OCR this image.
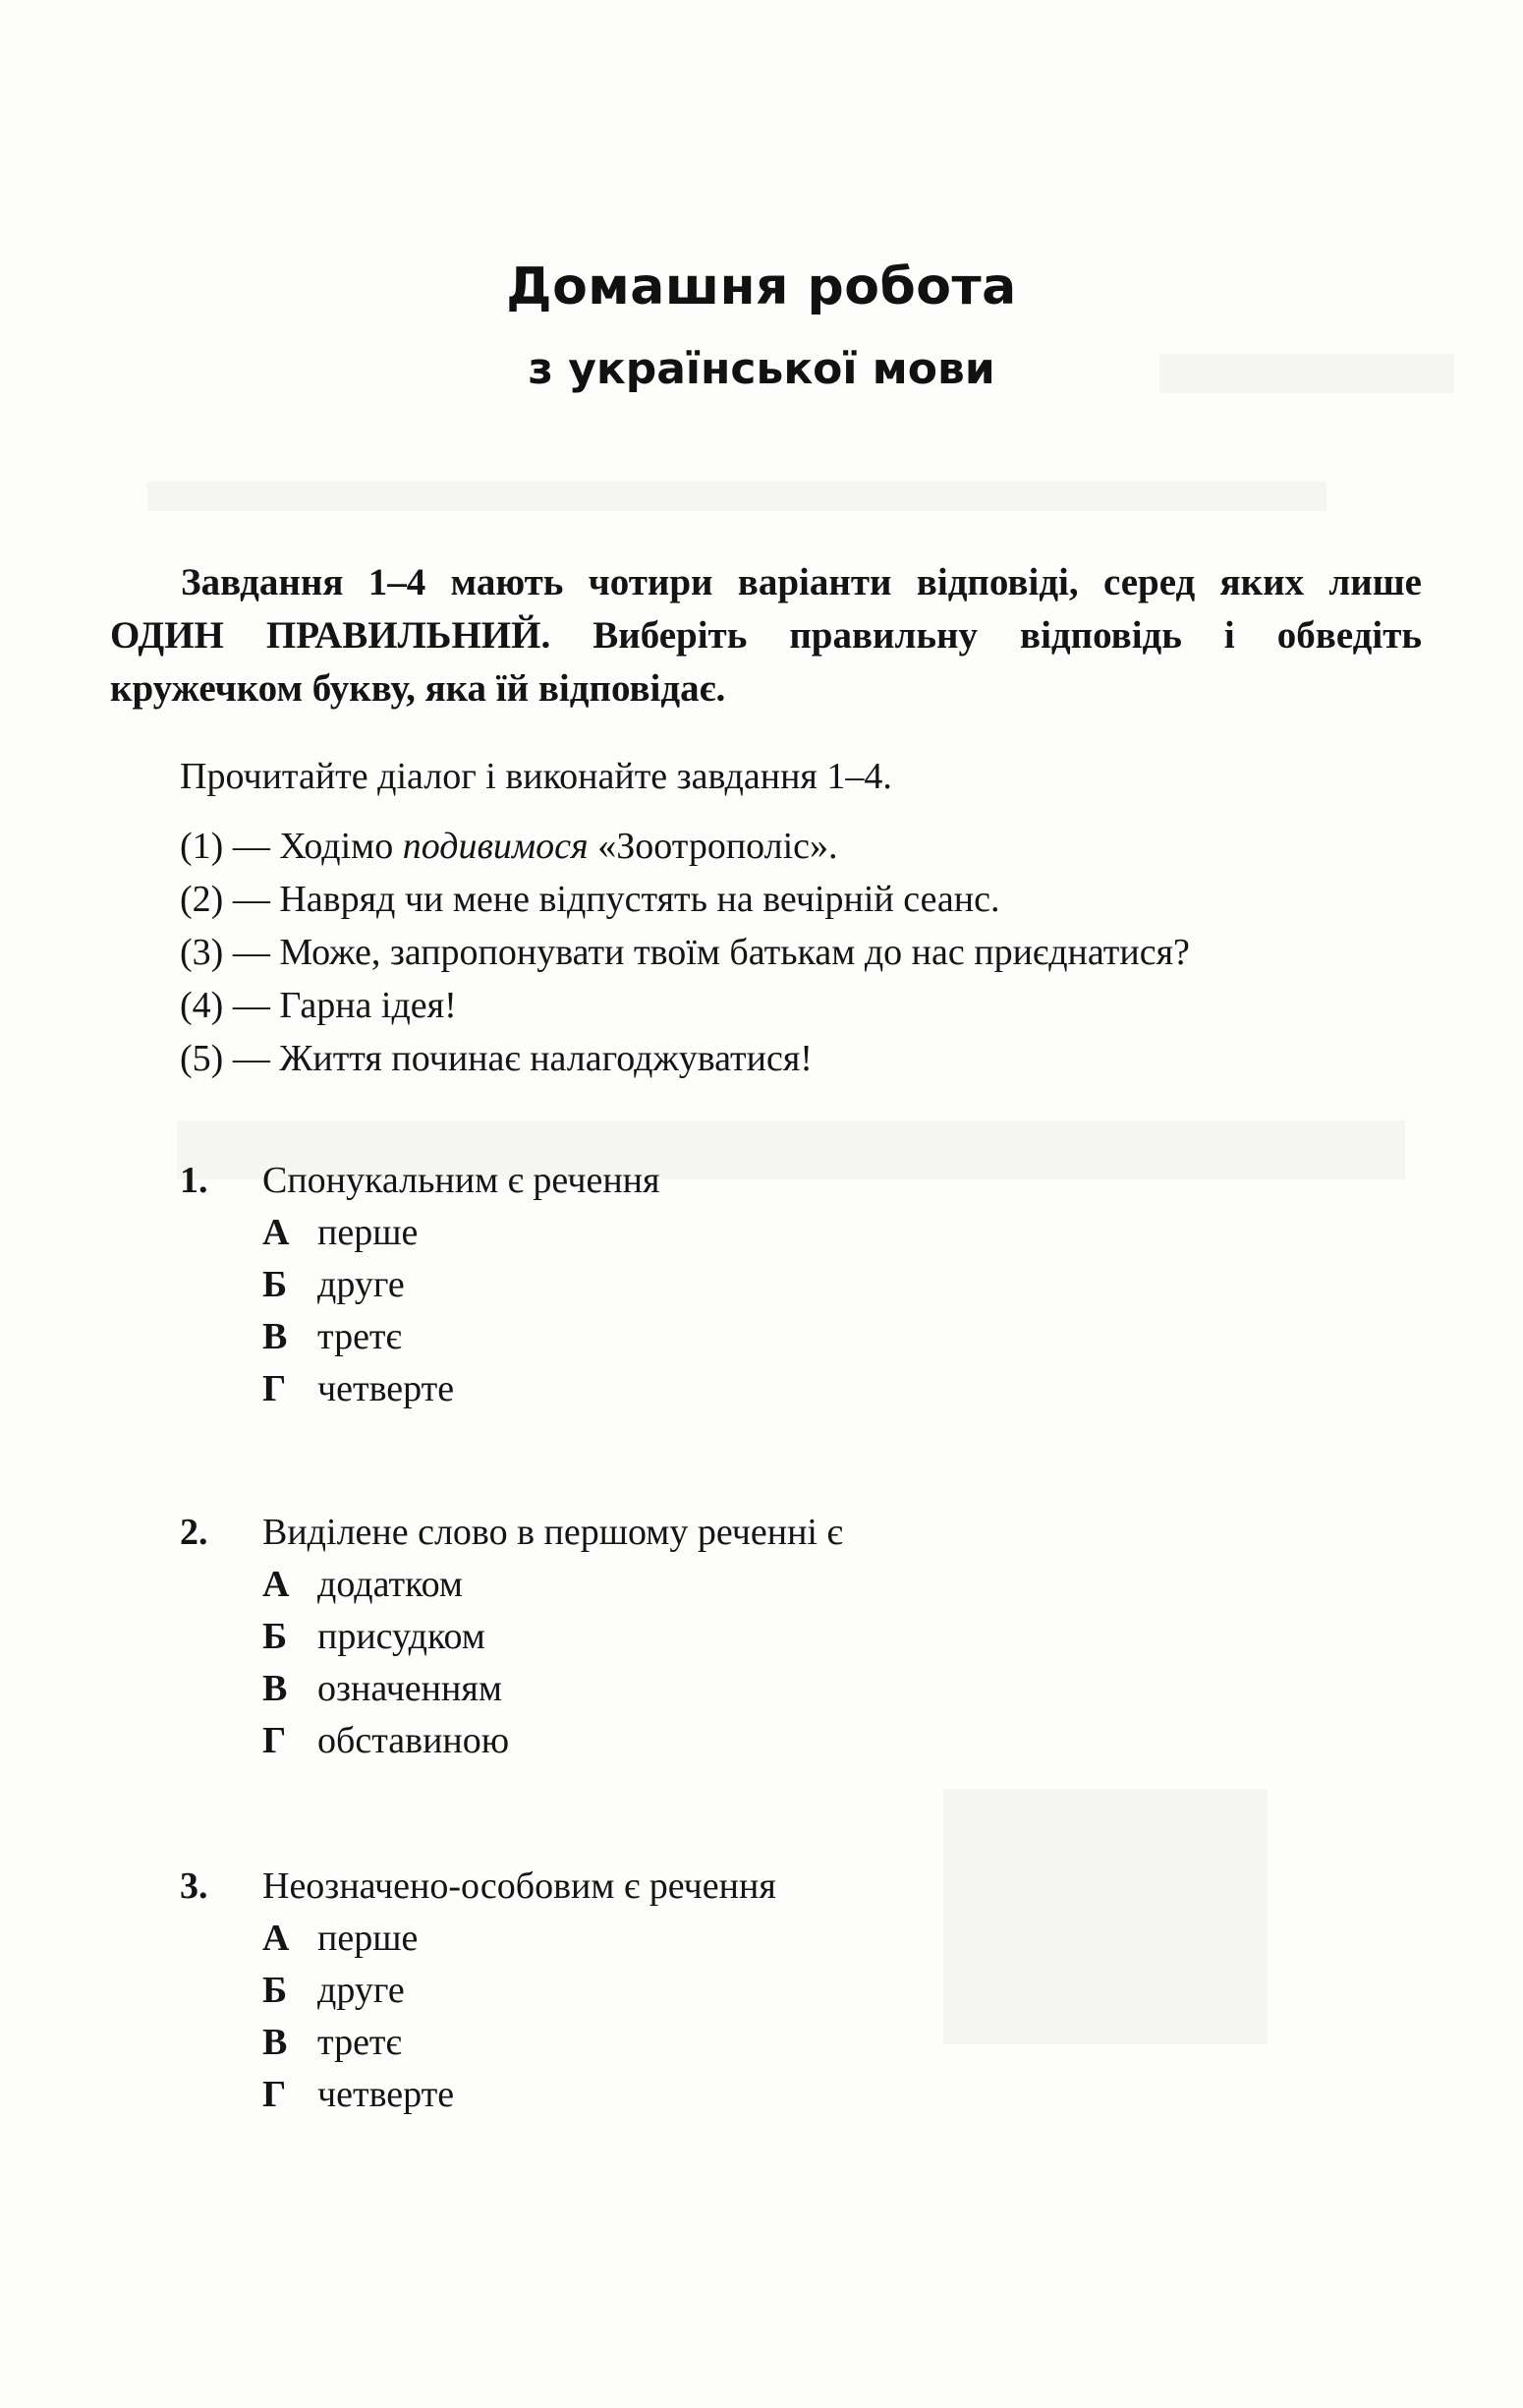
Домашня робота
з української мови
Завдання 1–4 мають чотири варіанти відповіді, серед яких лише ОДИН ПРАВИЛЬНИЙ. Виберіть правильну відповідь і обведіть кружечком букву, яка їй відповідає.
Прочитайте діалог і виконайте завдання 1–4.
(1) — Ходімо подивимося «Зоотрополіс».
(2) — Навряд чи мене відпустять на вечірній сеанс.
(3) — Може, запропонувати твоїм батькам до нас приєднатися?
(4) — Гарна ідея!
(5) — Життя починає налагоджуватися!
1. Спонукальним є речення
А перше
Б друге
В третє
Г четверте
2. Виділене слово в першому реченні є
А додатком
Б присудком
В означенням
Г обставиною
3. Неозначено-особовим є речення
А перше
Б друге
В третє
Г четверте
